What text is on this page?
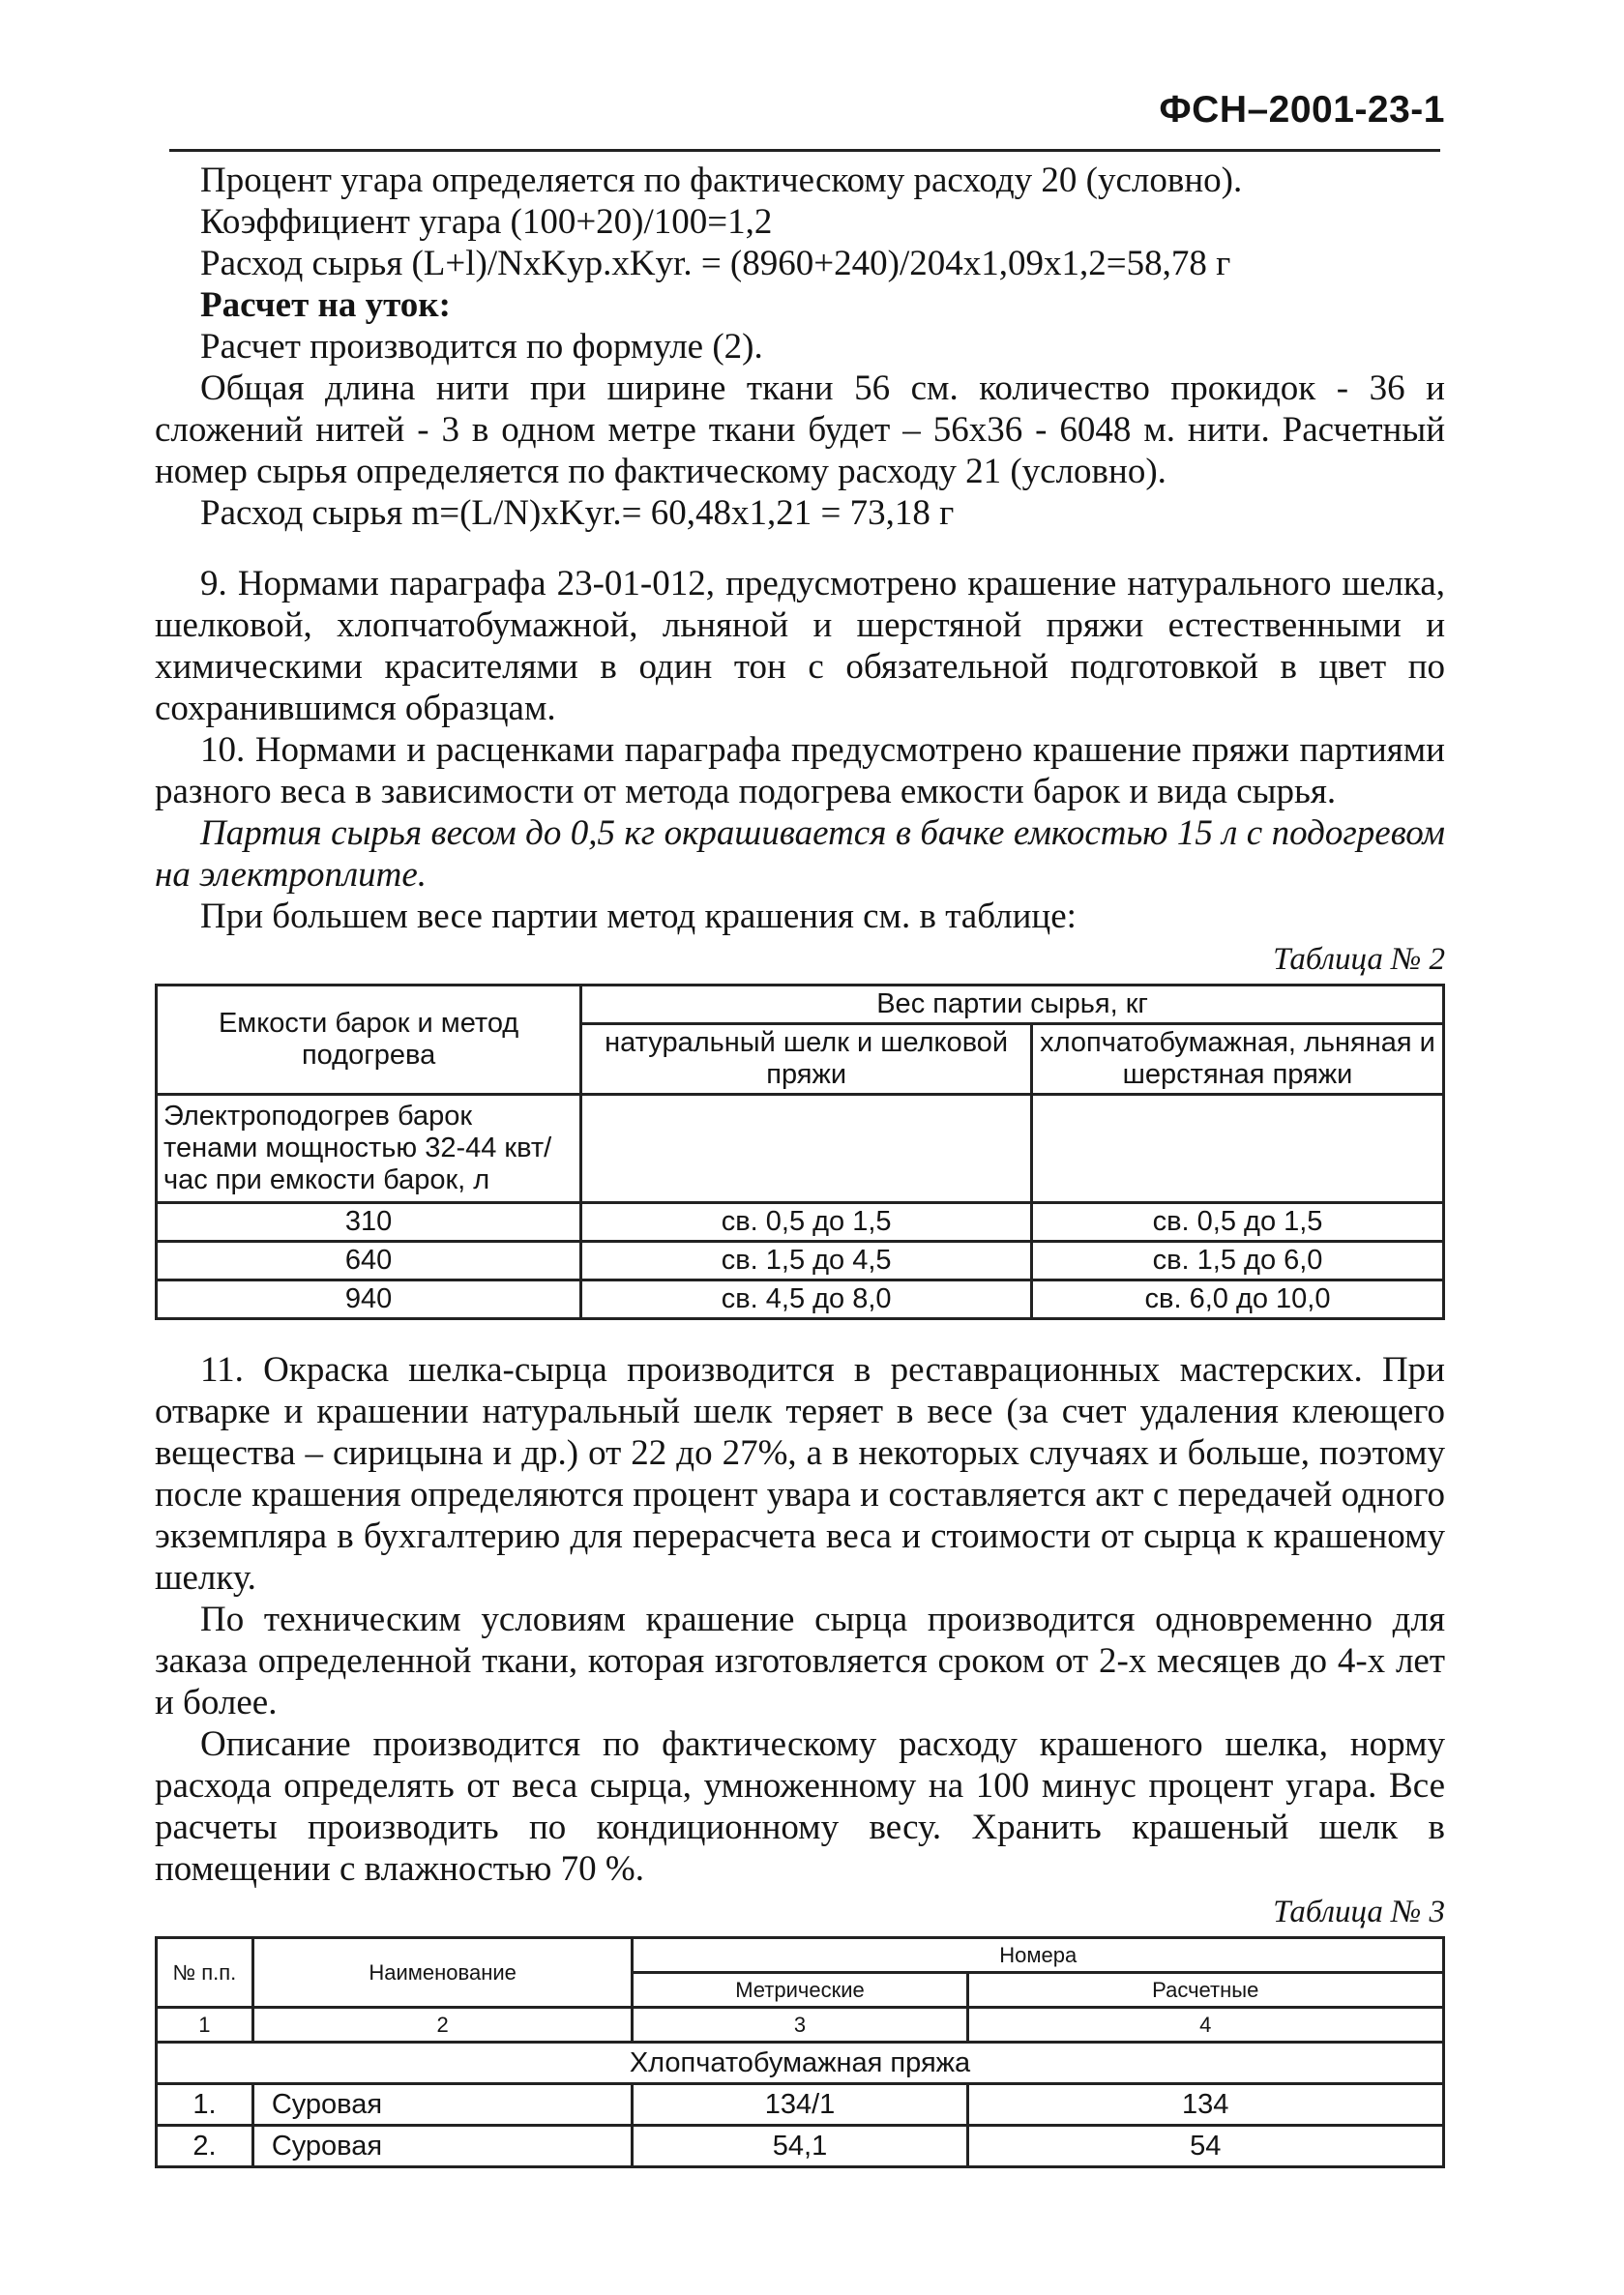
ФСН–2001-23-1

Процент угара определяется по фактическому расходу 20 (условно).

Коэффициент угара (100+20)/100=1,2

Расход сырья (L+l)/NxKyp.xKyr. = (8960+240)/204x1,09x1,2=58,78 г

Расчет на уток:

Расчет производится по формуле (2).

Общая длина нити при ширине ткани 56 см. количество прокидок - 36 и сложений нитей - 3 в одном метре ткани будет – 56х36 - 6048 м. нити. Расчетный номер сырья определяется по фактическому расходу 21 (условно).

Расход сырья m=(L/N)xKyr.= 60,48x1,21 = 73,18 г

9. Нормами параграфа 23-01-012, предусмотрено крашение натурального шелка, шелковой, хлопчатобумажной, льняной и шерстяной пряжи естественными и химическими красителями в один тон с обязательной подготовкой в цвет по сохранившимся образцам.

10. Нормами и расценками параграфа предусмотрено крашение пряжи партиями разного веса в зависимости от метода подогрева емкости барок и вида сырья.

Партия сырья весом до 0,5 кг окрашивается в бачке емкостью 15 л с подогревом на электроплите.

При большем весе партии метод крашения см. в таблице:

Таблица № 2
Емкости барок и метод подогрева	Вес партии сырья, кг	
	натуральный шелк и шелковой пряжи	хлопчатобумажная, льняная и шерстяная пряжи
Электроподогрев барок тенами мощностью 32-44 квт/час при емкости барок, л		
310	св. 0,5 до 1,5	св. 0,5 до 1,5
640	св. 1,5 до 4,5	св. 1,5 до 6,0
940	св. 4,5 до 8,0	св. 6,0 до 10,0

11. Окраска шелка-сырца производится в реставрационных мастерских. При отварке и крашении натуральный шелк теряет в весе (за счет удаления клеющего вещества – сирицына и др.) от 22 до 27%, а в некоторых случаях и больше, поэтому после крашения определяются процент увара и составляется акт с передачей одного экземпляра в бухгалтерию для перерасчета веса и стоимости от сырца к крашеному шелку.

По техническим условиям крашение сырца производится одновременно для заказа определенной ткани, которая изготовляется сроком от 2-х месяцев до 4-х лет и более.

Описание производится по фактическому расходу крашеного шелка, норму расхода определять от веса сырца, умноженному на 100 минус процент угара. Все расчеты производить по кондиционному весу. Хранить крашеный шелк в помещении с влажностью 70 %.

Таблица № 3
№ п.п.	Наименование	Номера	
		Метрические	Расчетные
1	2	3	4
Хлопчатобумажная пряжа			
1.	Суровая	134/1	134
2.	Суровая	54,1	54
